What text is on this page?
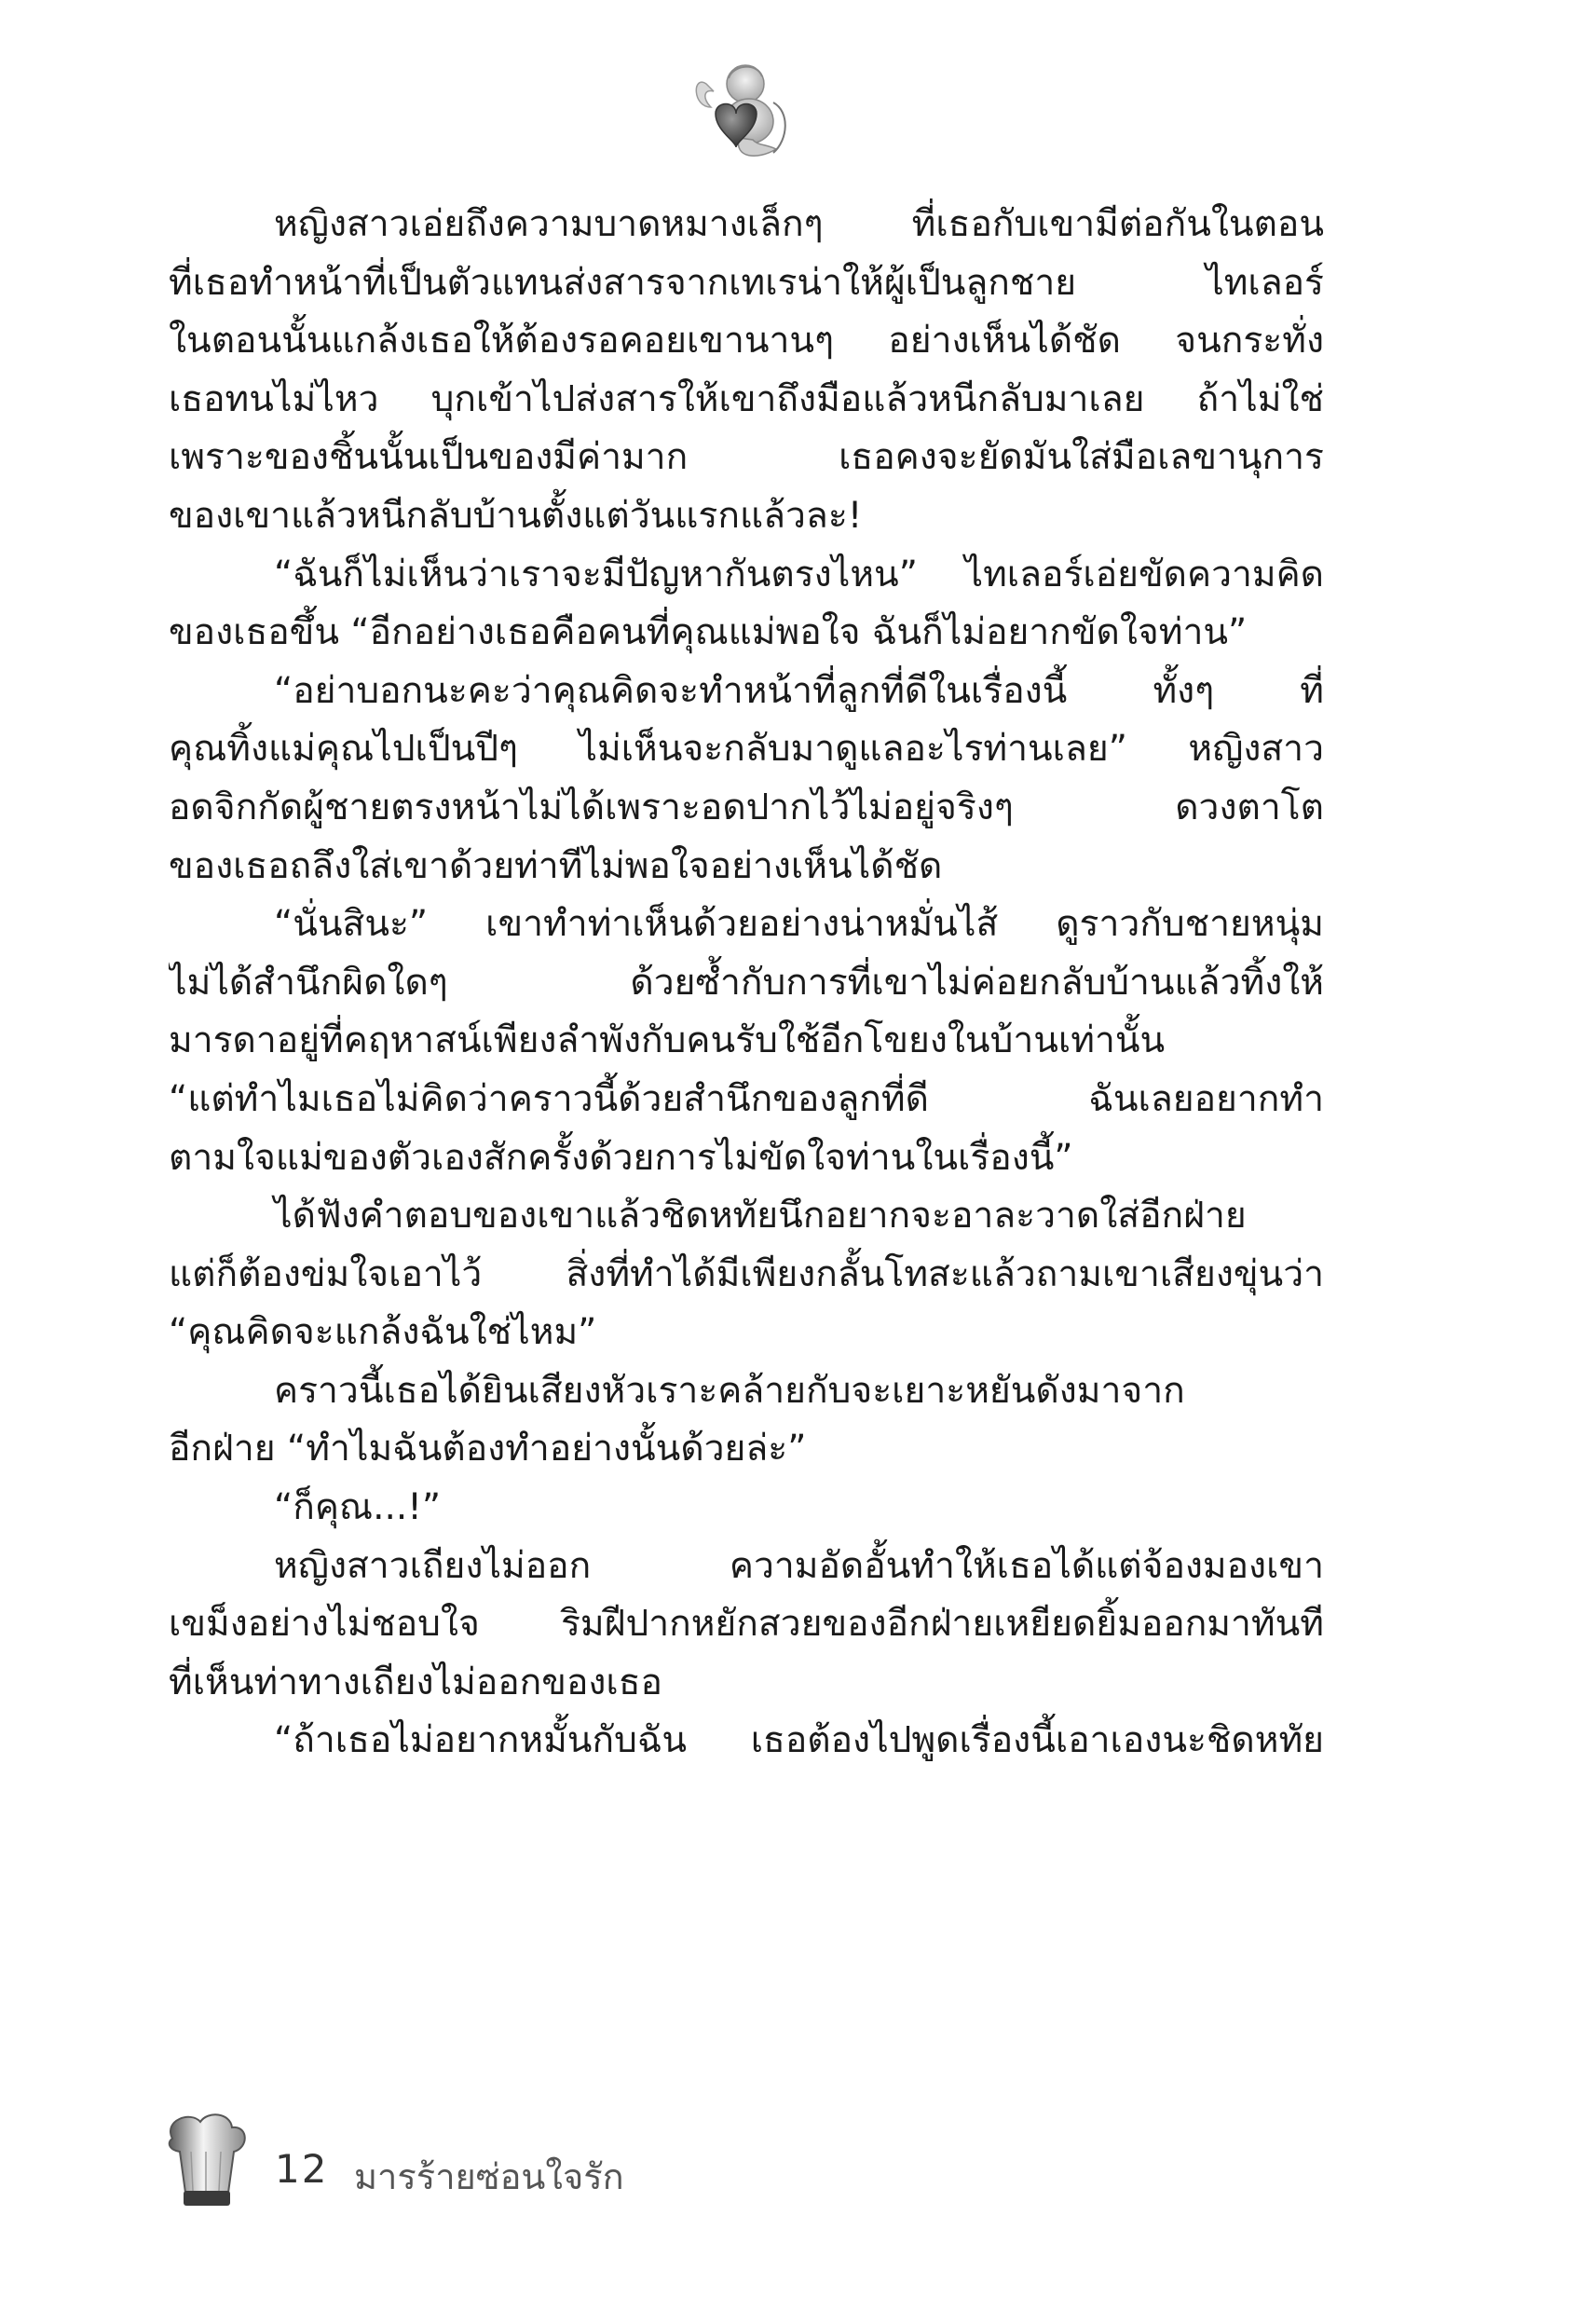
หญิงสาวเอ่ยถึงความบาดหมางเล็กๆ ที่เธอกับเขามีต่อกันในตอน
ที่เธอทำหน้าที่เป็นตัวแทนส่งสารจากเทเรน่าให้ผู้เป็นลูกชาย	ไทเลอร์
ในตอนนั้นแกล้งเธอให้ต้องรอคอยเขานานๆ อย่างเห็นได้ชัด จนกระทั่ง
เธอทนไม่ไหว บุกเข้าไปส่งสารให้เขาถึงมือแล้วหนีกลับมาเลย ถ้าไม่ใช่
เพราะของชิ้นนั้นเป็นของมีค่ามาก	เธอคงจะยัดมันใส่มือเลขานุการ
ของเขาแล้วหนีกลับบ้านตั้งแต่วันแรกแล้วละ!
“ฉันก็ไม่เห็นว่าเราจะมีปัญหากันตรงไหน” ไทเลอร์เอ่ยขัดความคิด
ของเธอขึ้น “อีกอย่างเธอคือคนที่คุณแม่พอใจ ฉันก็ไม่อยากขัดใจท่าน”
“อย่าบอกนะคะว่าคุณคิดจะทำหน้าที่ลูกที่ดีในเรื่องนี้ ทั้งๆ ที่
คุณทิ้งแม่คุณไปเป็นปีๆ ไม่เห็นจะกลับมาดูแลอะไรท่านเลย” หญิงสาว
อดจิกกัดผู้ชายตรงหน้าไม่ได้เพราะอดปากไว้ไม่อยู่จริงๆ	ดวงตาโต
ของเธอถลึงใส่เขาด้วยท่าทีไม่พอใจอย่างเห็นได้ชัด
“นั่นสินะ” เขาทำท่าเห็นด้วยอย่างน่าหมั่นไส้ ดูราวกับชายหนุ่ม
ไม่ได้สำนึกผิดใดๆ	ด้วยซ้ำกับการที่เขาไม่ค่อยกลับบ้านแล้วทิ้งให้
มารดาอยู่ที่คฤหาสน์เพียงลำพังกับคนรับใช้อีกโขยงในบ้านเท่านั้น
“แต่ทำไมเธอไม่คิดว่าคราวนี้ด้วยสำนึกของลูกที่ดี	ฉันเลยอยากทำ
ตามใจแม่ของตัวเองสักครั้งด้วยการไม่ขัดใจท่านในเรื่องนี้”
ได้ฟังคำตอบของเขาแล้วชิดหทัยนึกอยากจะอาละวาดใส่อีกฝ่าย
แต่ก็ต้องข่มใจเอาไว้ สิ่งที่ทำได้มีเพียงกลั้นโทสะแล้วถามเขาเสียงขุ่นว่า
“คุณคิดจะแกล้งฉันใช่ไหม”
คราวนี้เธอได้ยินเสียงหัวเราะคล้ายกับจะเยาะหยันดังมาจาก
อีกฝ่าย “ทำไมฉันต้องทำอย่างนั้นด้วยล่ะ”
“ก็คุณ...!”
หญิงสาวเถียงไม่ออก	ความอัดอั้นทำให้เธอได้แต่จ้องมองเขา
เขม็งอย่างไม่ชอบใจ ริมฝีปากหยักสวยของอีกฝ่ายเหยียดยิ้มออกมาทันที
ที่เห็นท่าทางเถียงไม่ออกของเธอ
“ถ้าเธอไม่อยากหมั้นกับฉัน เธอต้องไปพูดเรื่องนี้เอาเองนะชิดหทัย
12 มารร้ายซ่อนใจรัก
